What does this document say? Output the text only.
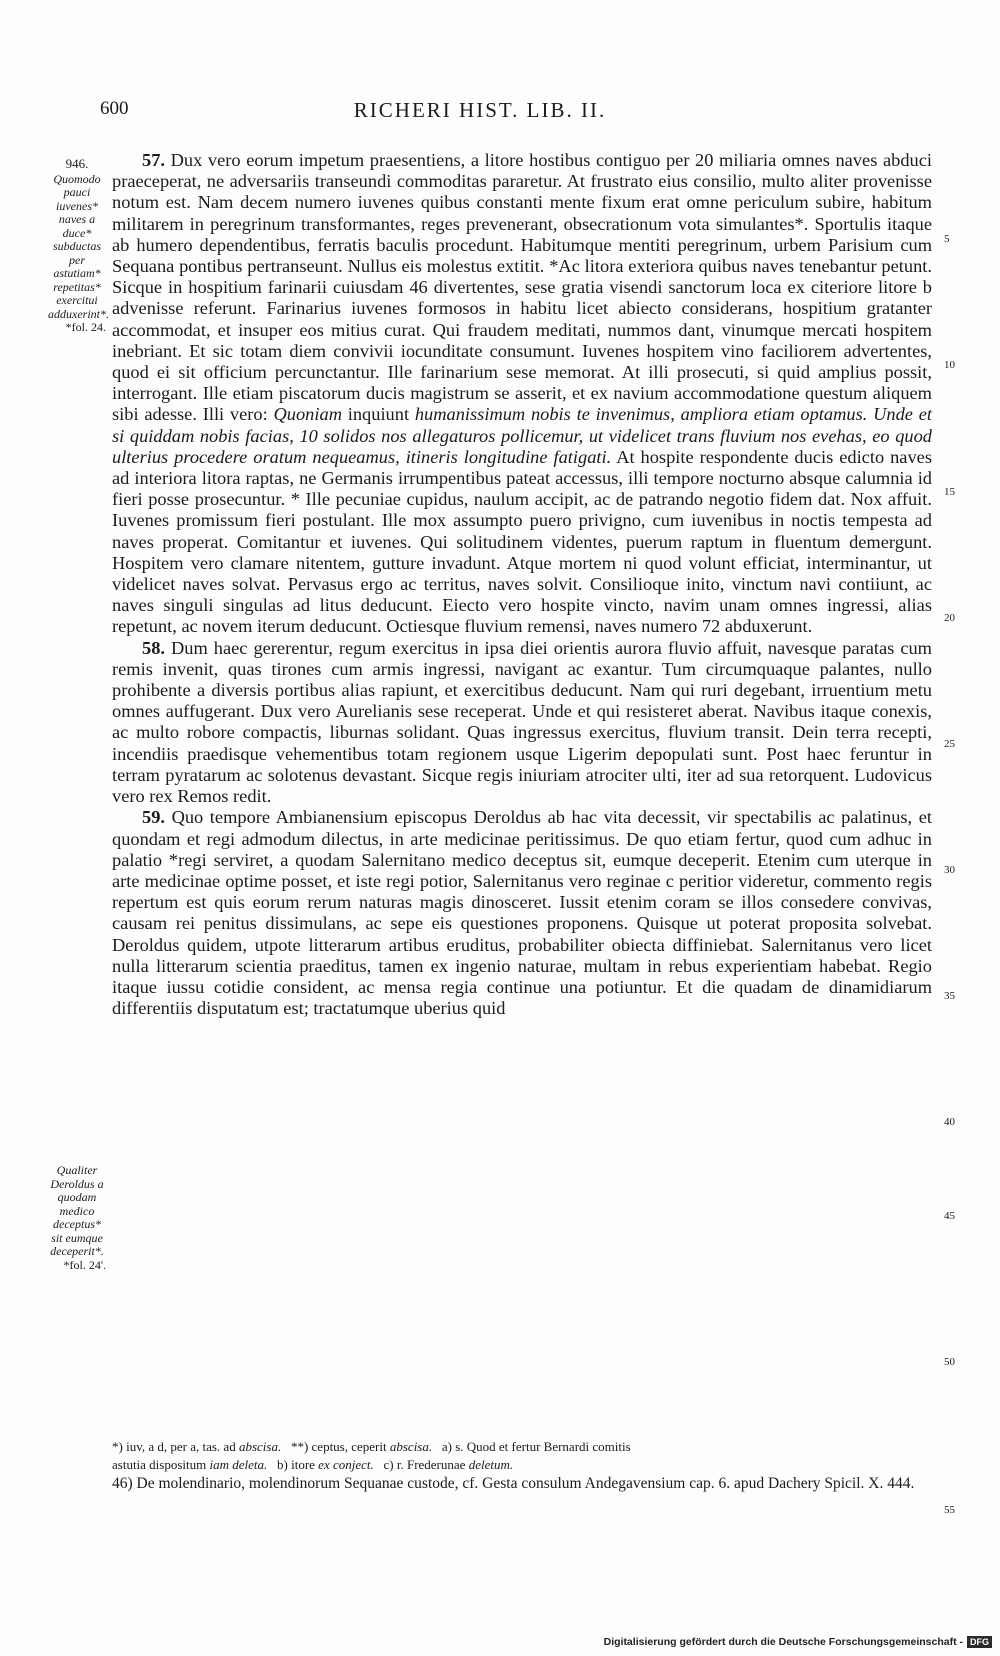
600	RICHERI HIST. LIB. II.
946.
Quomodo pauci iuvenes* naves a duce* subductas per astutiam* repetitas* exercitui adduxerint*.
*fol. 24.
Qualiter Deroldus a quodam medico deceptus* sit eumque deceperit*.
*fol. 24'.
5
10
15
20
25
30
35
40
45
50
55

57. Dux vero eorum impetum praesentiens, a litore hostibus contiguo per 20 miliaria omnes naves abduci praeceperat, ne adversariis transeundi commoditas pararetur. At frustrato eius consilio, multo aliter provenisse notum est. Nam decem numero iuvenes quibus constanti mente fixum erat omne periculum subire, habitum militarem in peregrinum transformantes, reges prevenerant, obsecrationum vota simulantes*. Sportulis itaque ab humero dependentibus, ferratis baculis procedunt. Habitumque mentiti peregrinum, urbem Parisium cum Sequana pontibus pertranseunt. Nullus eis molestus extitit. *Ac litora exteriora quibus naves tenebantur petunt. Sicque in hospitium farinarii cuiusdam 46 divertentes, sese gratia visendi sanctorum loca ex citeriore litore b advenisse referunt. Farinarius iuvenes formosos in habitu licet abiecto considerans, hospitium gratanter accommodat, et insuper eos mitius curat. Qui fraudem meditati, nummos dant, vinumque mercati hospitem inebriant. Et sic totam diem convivii iocunditate consumunt. Iuvenes hospitem vino faciliorem advertentes, quod ei sit officium percunctantur. Ille farinarium sese memorat. At illi prosecuti, si quid amplius possit, interrogant. Ille etiam piscatorum ducis magistrum se asserit, et ex navium accommodatione questum aliquem sibi adesse. Illi vero: Quoniam inquiunt humanissimum nobis te invenimus, ampliora etiam optamus. Unde et si quiddam nobis facias, 10 solidos nos allegaturos pollicemur, ut videlicet trans fluvium nos evehas, eo quod ulterius procedere oratum nequeamus, itineris longitudine fatigati. At hospite respondente ducis edicto naves ad interiora litora raptas, ne Germanis irrumpentibus pateat accessus, illi tempore nocturno absque calumnia id fieri posse prosecuntur. * Ille pecuniae cupidus, naulum accipit, ac de patrando negotio fidem dat. Nox affuit. Iuvenes promissum fieri postulant. Ille mox assumpto puero privigno, cum iuvenibus in noctis tempesta ad naves properat. Comitantur et iuvenes. Qui solitudinem videntes, puerum raptum in fluentum demergunt. Hospitem vero clamare nitentem, gutture invadunt. Atque mortem ni quod volunt efficiat, interminantur, ut videlicet naves solvat. Pervasus ergo ac territus, naves solvit. Consilioque inito, vinctum navi contiiunt, ac naves singuli singulas ad litus deducunt. Eiecto vero hospite vincto, navim unam omnes ingressi, alias repetunt, ac novem iterum deducunt. Octiesque fluvium remensi, naves numero 72 abduxerunt.

58. Dum haec gererentur, regum exercitus in ipsa diei orientis aurora fluvio affuit, navesque paratas cum remis invenit, quas tirones cum armis ingressi, navigant ac exantur. Tum circumquaque palantes, nullo prohibente a diversis portibus alias rapiunt, et exercitibus deducunt. Nam qui ruri degebant, irruentium metu omnes auffugerant. Dux vero Aurelianis sese receperat. Unde et qui resisteret aberat. Navibus itaque conexis, ac multo robore compactis, liburnas solidant. Quas ingressus exercitus, fluvium transit. Dein terra recepti, incendiis praedisque vehementibus totam regionem usque Ligerim depopulati sunt. Post haec feruntur in terram pyratarum ac solotenus devastant. Sicque regis iniuriam atrociter ulti, iter ad sua retorquent. Ludovicus vero rex Remos redit.

59. Quo tempore Ambianensium episcopus Deroldus ab hac vita decessit, vir spectabilis ac palatinus, et quondam et regi admodum dilectus, in arte medicinae peritissimus. De quo etiam fertur, quod cum adhuc in palatio *regi serviret, a quodam Salernitano medico deceptus sit, eumque deceperit. Etenim cum uterque in arte medicinae optime posset, et iste regi potior, Salernitanus vero reginae c peritior videretur, commento regis repertum est quis eorum rerum naturas magis dinosceret. Iussit etenim coram se illos consedere convivas, causam rei penitus dissimulans, ac sepe eis questiones proponens. Quisque ut poterat proposita solvebat. Deroldus quidem, utpote litterarum artibus eruditus, probabiliter obiecta diffiniebat. Salernitanus vero licet nulla litterarum scientia praeditus, tamen ex ingenio naturae, multam in rebus experientiam habebat. Regio itaque iussu cotidie consident, ac mensa regia continue una potiuntur. Et die quadam de dinamidiarum differentiis disputatum est; tractatumque uberius quid

*) iuv, a d, per a, tas. ad abscisa. **) ceptus, ceperit abscisa. a) s. Quod et fertur Bernardi comitis

astutia dispositum iam deleta. b) itore ex conject. c) r. Frederunae deletum.

46) De molendinario, molendinorum Sequanae custode, cf. Gesta consulum Andegavensium cap. 6. apud Dachery Spicil. X. 444.

Digitalisierung gefördert durch die Deutsche Forschungsgemeinschaft - DFG
